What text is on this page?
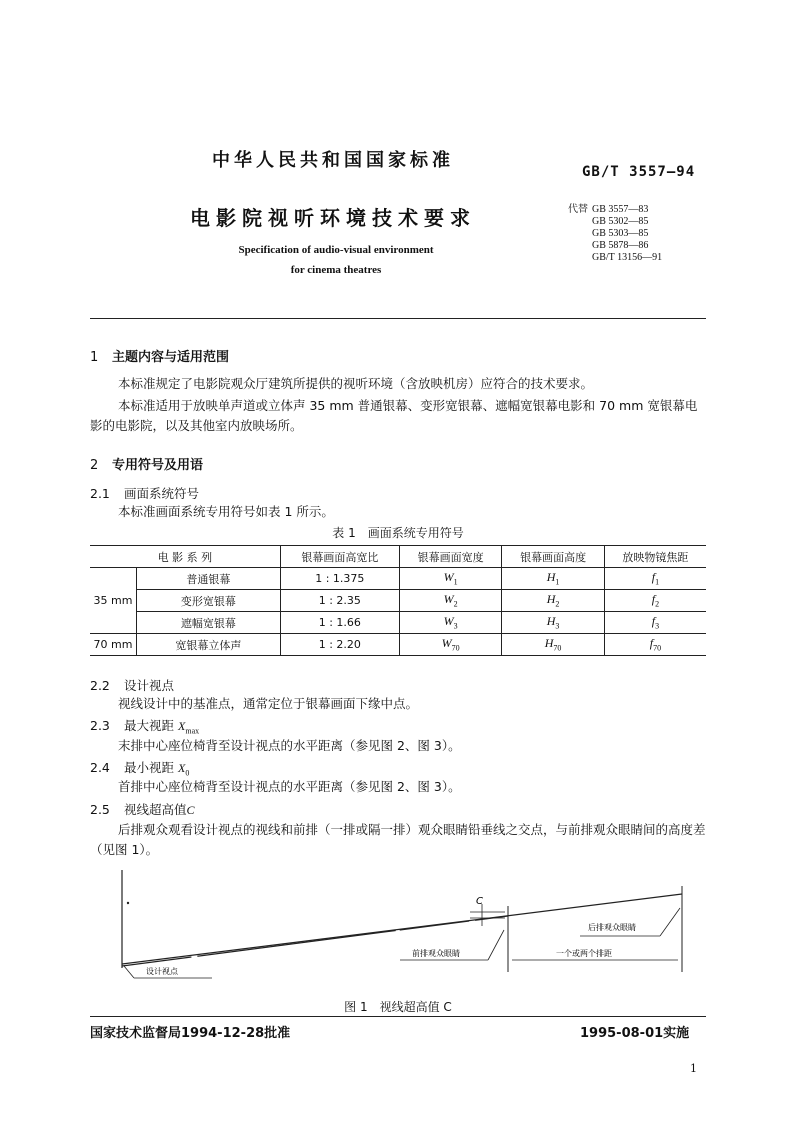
中华人民共和国国家标准
GB/T 3557—94
电影院视听环境技术要求	代替 GB 3557—83
GB 5302—85
GB 5303—85
GB 5878—86
GB/T 13156—91
Specification of audio-visual environment
for cinema theatres
1 主题内容与适用范围
本标准规定了电影院观众厅建筑所提供的视听环境（含放映机房）应符合的技术要求。
本标准适用于放映单声道或立体声 35 mm 普通银幕、变形宽银幕、遮幅宽银幕电影和 70 mm 宽银幕电影的电影院，以及其他室内放映场所。
2 专用符号及用语
2.1 画面系统符号
本标准画面系统专用符号如表 1 所示。
表 1　画面系统专用符号
电 影 系 列		银幕画面高宽比	银幕画面宽度	银幕画面高度	放映物镜焦距
35 mm	普通银幕	1 : 1.375	$W_1$	$H_1$	$f_1$
	变形宽银幕	1 : 2.35	$W_2$	$H_2$	$f_2$
	遮幅宽银幕	1 : 1.66	$W_3$	$H_3$	$f_3$
70 mm	宽银幕立体声	1 : 2.20	$W_{70}$	$H_{70}$	$f_{70}$
2.2 设计视点
视线设计中的基准点，通常定位于银幕画面下缘中点。
2.3 最大视距 $X_{max}$
末排中心座位椅背至设计视点的水平距离（参见图 2、图 3）。
2.4 最小视距 $X_0$
首排中心座位椅背至设计视点的水平距离（参见图 2、图 3）。
2.5 视线超高值C
后排观众观看设计视点的视线和前排（一排或隔一排）观众眼睛铅垂线之交点，与前排观众眼睛间的高度差（见图 1）。
C
后排观众眼睛
前排观众眼睛	一个或两个排距
设计视点
图 1　视线超高值 C
国家技术监督局1994-12-28批准	1995-08-01实施
1
